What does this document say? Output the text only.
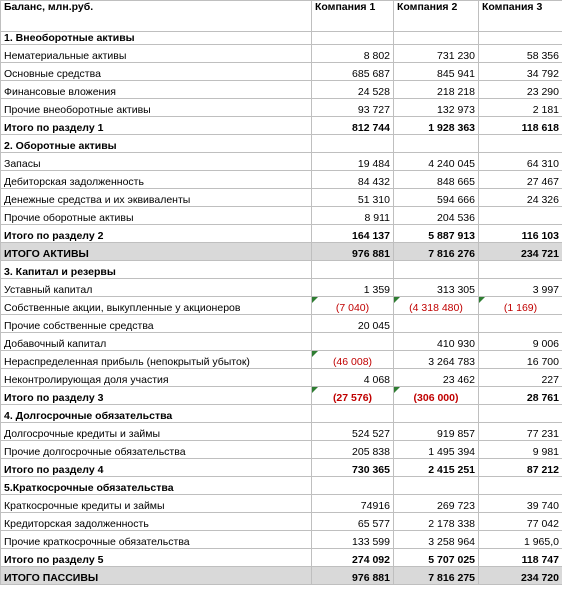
Баланс, млн.руб.	Компания 1	Компания 2	Компания 3
1. Внеоборотные активы			
Нематериальные активы	8 802	731 230	58 356
Основные средства	685 687	845 941	34 792
Финансовые вложения	24 528	218 218	23 290
Прочие внеоборотные активы	93 727	132 973	2 181
Итого по разделу 1	812 744	1 928 363	118 618
2. Оборотные активы			
Запасы	19 484	4 240 045	64 310
Дебиторская задолженность	84 432	848 665	27 467
Денежные средства и их эквиваленты	51 310	594 666	24 326
Прочие оборотные активы	8 911	204 536	
Итого по разделу 2	164 137	5 887 913	116 103
ИТОГО АКТИВЫ	976 881	7 816 276	234 721
3. Капитал и резервы			
Уставный капитал	1 359	313 305	3 997
Собственные акции, выкупленные у акционеров	(7 040)	(4 318 480)	(1 169)
Прочие собственные средства	20 045		
Добавочный капитал		410 930	9 006
Нераспределенная прибыль (непокрытый убыток)	(46 008)	3 264 783	16 700
Неконтролирующая доля участия	4 068	23 462	227
Итого по разделу 3	(27 576)	(306 000)	28 761
4. Долгосрочные обязательства			
Долгосрочные кредиты и займы	524 527	919 857	77 231
Прочие долгосрочные обязательства	205 838	1 495 394	9 981
Итого по разделу 4	730 365	2 415 251	87 212
5.Краткосрочные обязательства			
Краткосрочные кредиты и займы	74916	269 723	39 740
Кредиторская задолженность	65 577	2 178 338	77 042
Прочие краткосрочные обязательства	133 599	3 258 964	1 965,0
Итого по разделу 5	274 092	5 707 025	118 747
ИТОГО ПАССИВЫ	976 881	7 816 275	234 720
